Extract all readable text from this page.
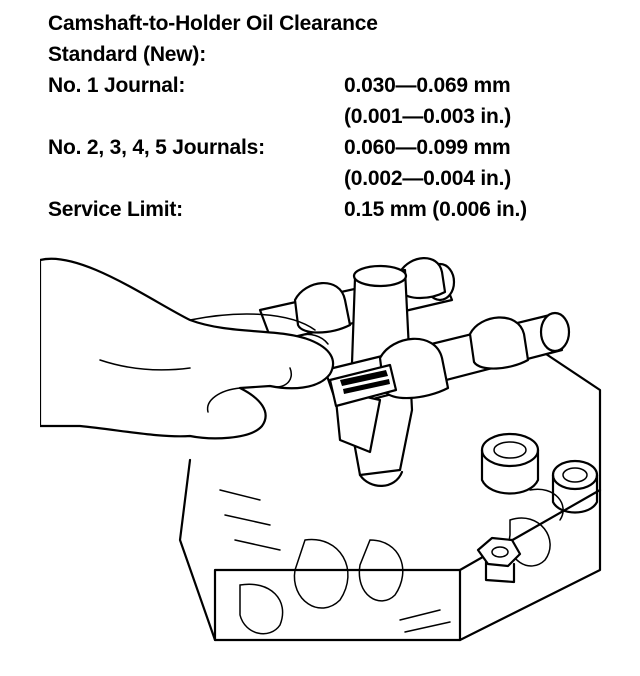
Camshaft-to-Holder Oil Clearance
Standard (New):
No. 1 Journal:	0.030—0.069 mm
(0.001—0.003 in.)
No. 2, 3, 4, 5 Journals:	0.060—0.099 mm
(0.002—0.004 in.)
Service Limit:	0.15 mm (0.006 in.)
